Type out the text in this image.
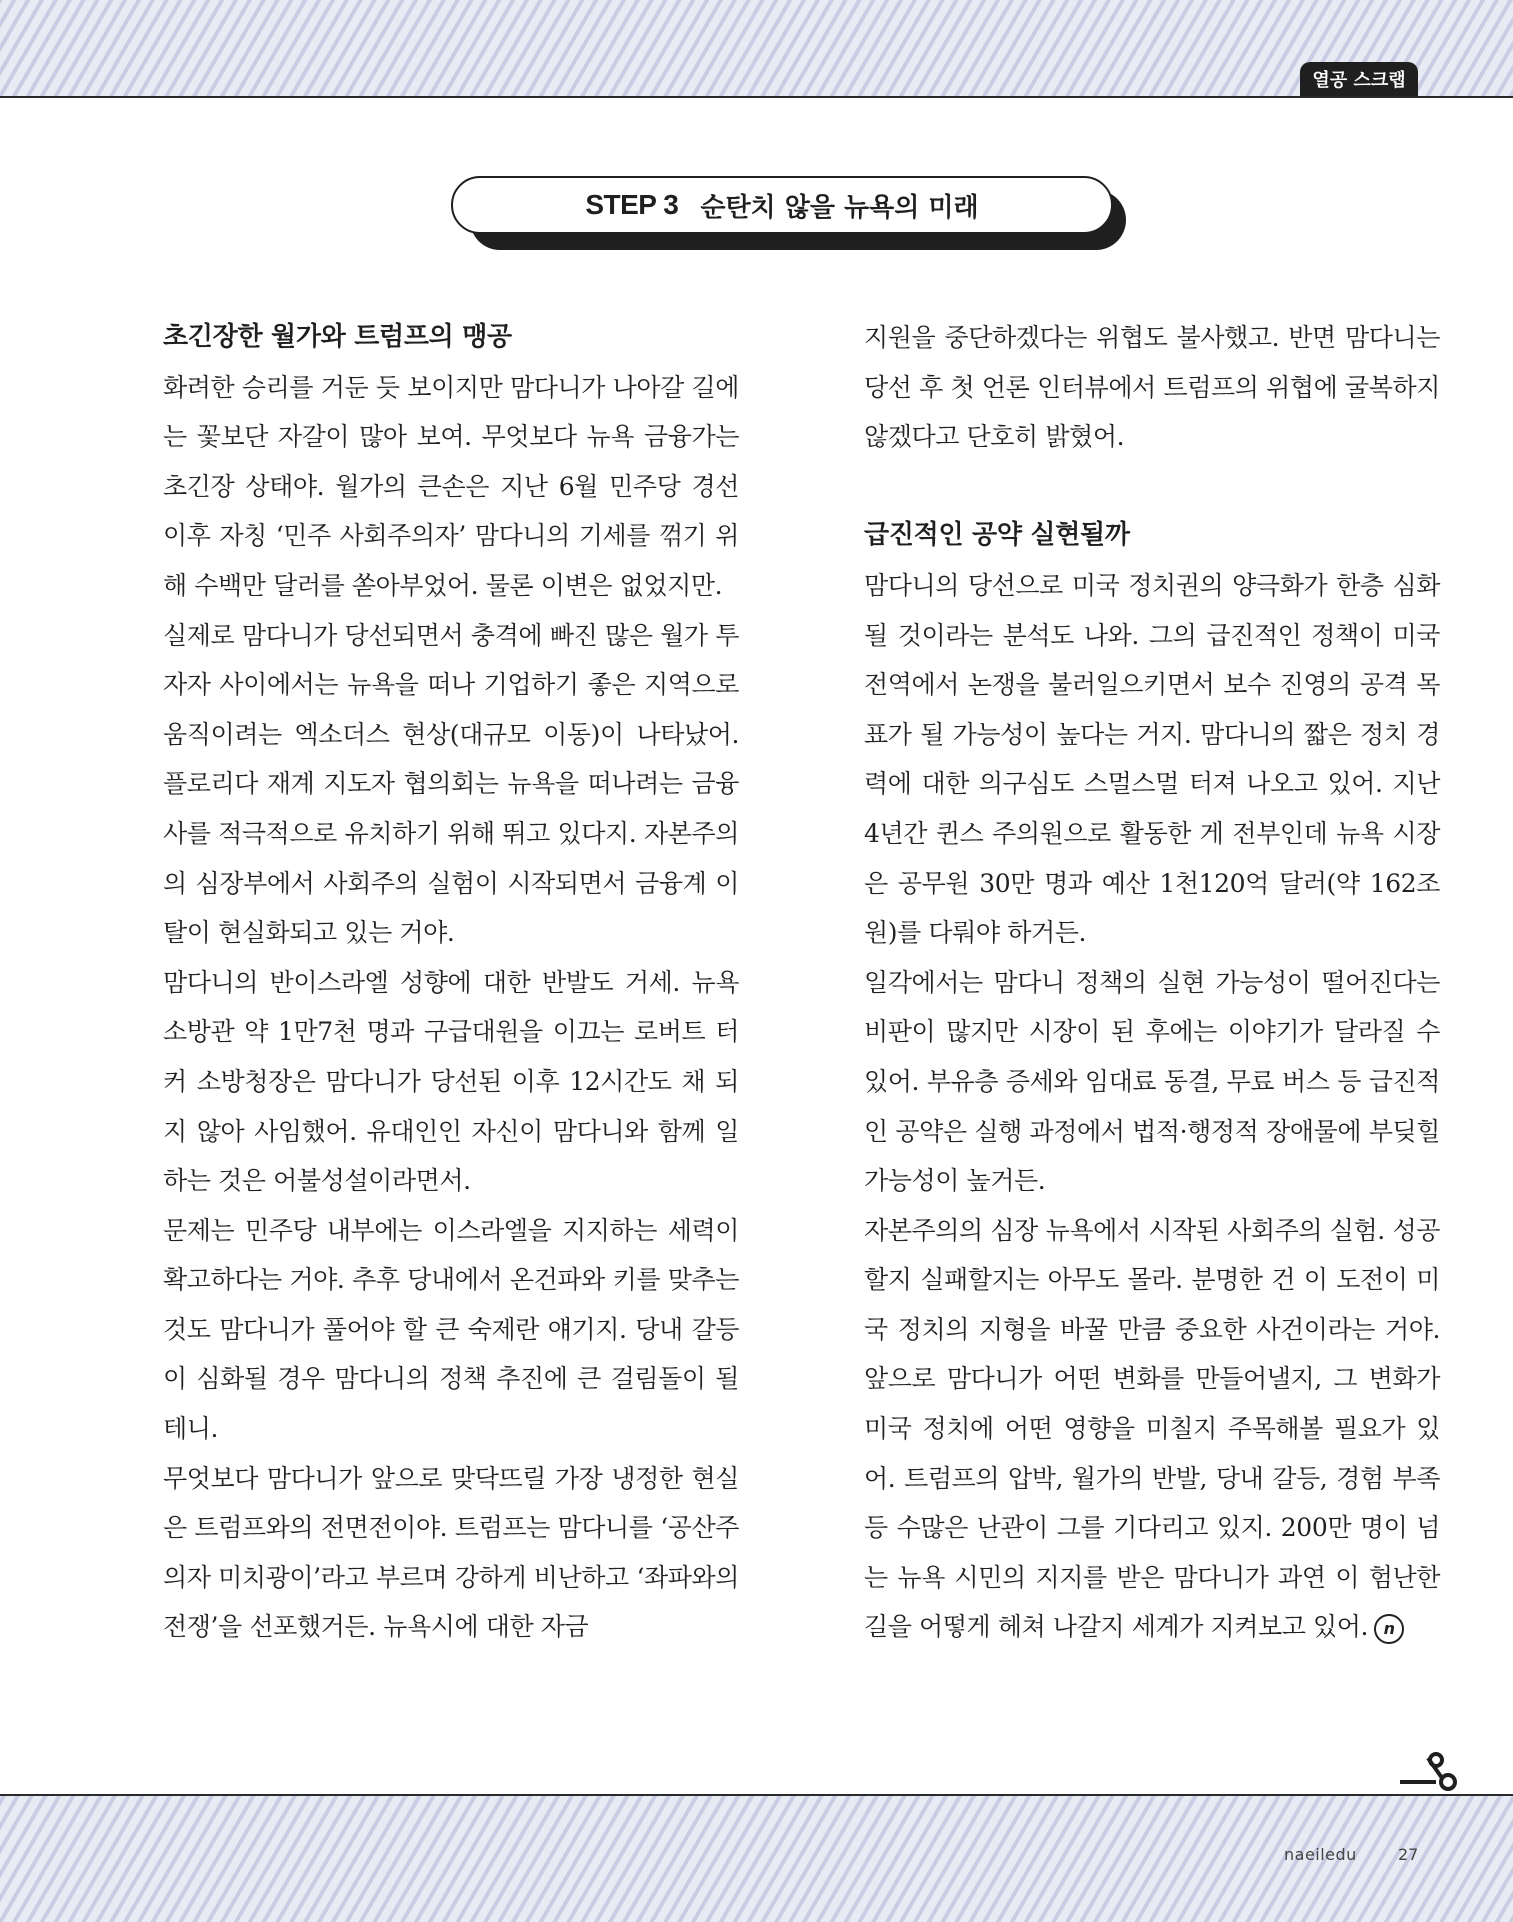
열공 스크랩
STEP 3 순탄치 않을 뉴욕의 미래
초긴장한 월가와 트럼프의 맹공

화려한 승리를 거둔 듯 보이지만 맘다니가 나아갈 길에는 꽃보단 자갈이 많아 보여. 무엇보다 뉴욕 금융가는 초긴장 상태야. 월가의 큰손은 지난 6월 민주당 경선 이후 자칭 ‘민주 사회주의자’ 맘다니의 기세를 꺾기 위해 수백만 달러를 쏟아부었어. 물론 이변은 없었지만.

실제로 맘다니가 당선되면서 충격에 빠진 많은 월가 투자자 사이에서는 뉴욕을 떠나 기업하기 좋은 지역으로 움직이려는 엑소더스 현상(대규모 이동)이 나타났어. 플로리다 재계 지도자 협의회는 뉴욕을 떠나려는 금융사를 적극적으로 유치하기 위해 뛰고 있다지. 자본주의의 심장부에서 사회주의 실험이 시작되면서 금융계 이탈이 현실화되고 있는 거야.

맘다니의 반이스라엘 성향에 대한 반발도 거세. 뉴욕 소방관 약 1만7천 명과 구급대원을 이끄는 로버트 터커 소방청장은 맘다니가 당선된 이후 12시간도 채 되지 않아 사임했어. 유대인인 자신이 맘다니와 함께 일하는 것은 어불성설이라면서.

문제는 민주당 내부에는 이스라엘을 지지하는 세력이 확고하다는 거야. 추후 당내에서 온건파와 키를 맞추는 것도 맘다니가 풀어야 할 큰 숙제란 얘기지. 당내 갈등이 심화될 경우 맘다니의 정책 추진에 큰 걸림돌이 될 테니.

무엇보다 맘다니가 앞으로 맞닥뜨릴 가장 냉정한 현실은 트럼프와의 전면전이야. 트럼프는 맘다니를 ‘공산주의자 미치광이’라고 부르며 강하게 비난하고 ‘좌파와의 전쟁’을 선포했거든. 뉴욕시에 대한 자금

지원을 중단하겠다는 위협도 불사했고. 반면 맘다니는 당선 후 첫 언론 인터뷰에서 트럼프의 위협에 굴복하지 않겠다고 단호히 밝혔어.

급진적인 공약 실현될까

맘다니의 당선으로 미국 정치권의 양극화가 한층 심화될 것이라는 분석도 나와. 그의 급진적인 정책이 미국 전역에서 논쟁을 불러일으키면서 보수 진영의 공격 목표가 될 가능성이 높다는 거지. 맘다니의 짧은 정치 경력에 대한 의구심도 스멀스멀 터져 나오고 있어. 지난 4년간 퀸스 주의원으로 활동한 게 전부인데 뉴욕 시장은 공무원 30만 명과 예산 1천120억 달러(약 162조 원)를 다뤄야 하거든.

일각에서는 맘다니 정책의 실현 가능성이 떨어진다는 비판이 많지만 시장이 된 후에는 이야기가 달라질 수 있어. 부유층 증세와 임대료 동결, 무료 버스 등 급진적인 공약은 실행 과정에서 법적·행정적 장애물에 부딪힐 가능성이 높거든.

자본주의의 심장 뉴욕에서 시작된 사회주의 실험. 성공할지 실패할지는 아무도 몰라. 분명한 건 이 도전이 미국 정치의 지형을 바꿀 만큼 중요한 사건이라는 거야. 앞으로 맘다니가 어떤 변화를 만들어낼지, 그 변화가 미국 정치에 어떤 영향을 미칠지 주목해볼 필요가 있어. 트럼프의 압박, 월가의 반발, 당내 갈등, 경험 부족 등 수많은 난관이 그를 기다리고 있지. 200만 명이 넘는 뉴욕 시민의 지지를 받은 맘다니가 과연 이 험난한 길을 어떻게 헤쳐 나갈지 세계가 지켜보고 있어. n

naeiledu	27
